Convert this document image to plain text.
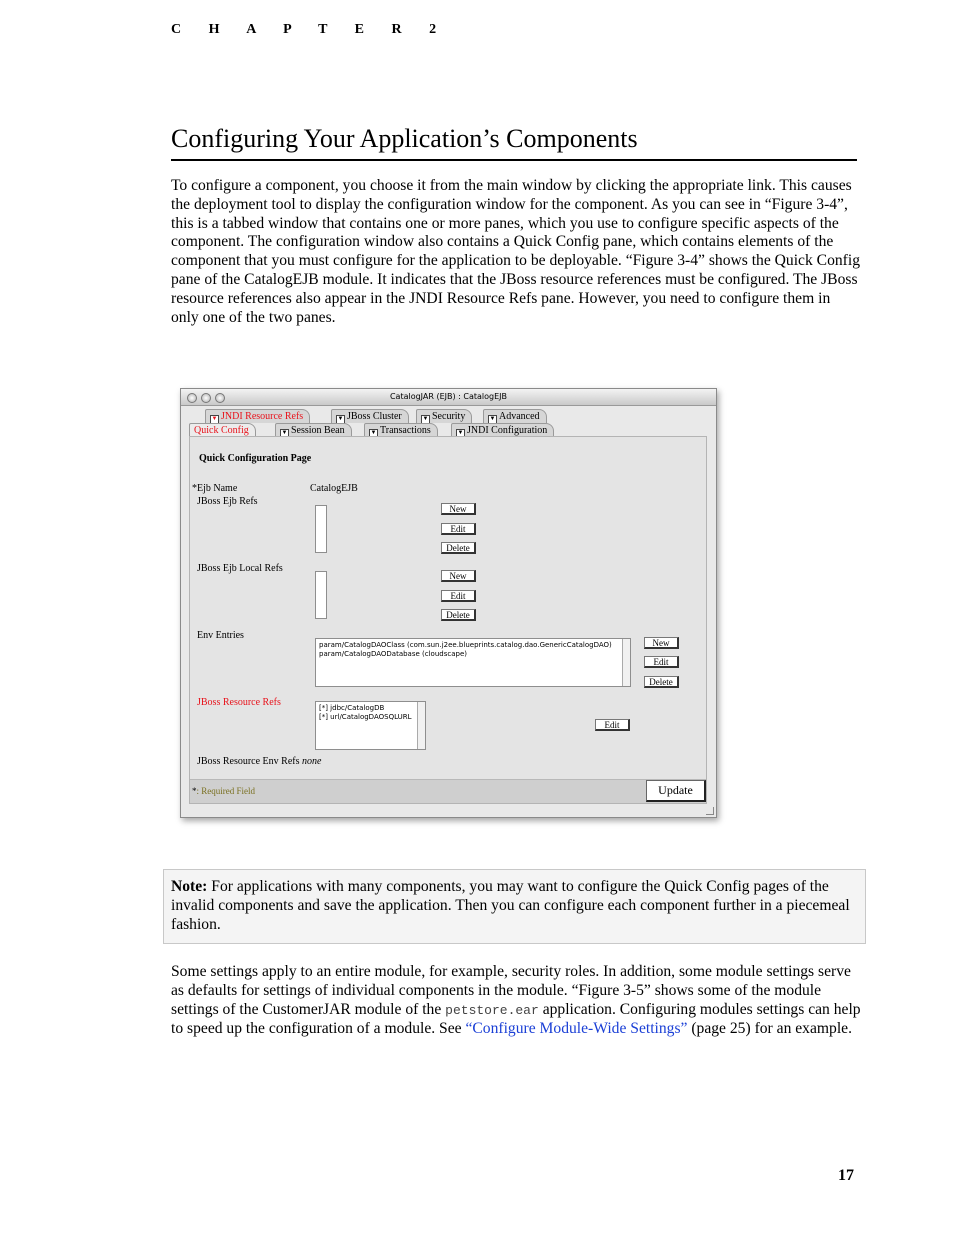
C H A P T E R 2
Configuring Your Application’s Components
To configure a component, you choose it from the main window by clicking the appropriate link. This causes the deployment tool to display the configuration window for the component. As you can see in “Figure 3-4”, this is a tabbed window that contains one or more panes, which you use to configure specific aspects of the component. The configuration window also contains a Quick Config pane, which contains elements of the component that you must configure for the application to be deployable. “Figure 3-4” shows the Quick Config pane of the CatalogEJB module. It indicates that the JBoss resource references must be configured. The JBoss resource references also appear in the JNDI Resource Refs pane. However, you need to configure them in only one of the two panes.
CatalogJAR (EJB) : CatalogEJB
▼ JNDI Resource Refs	▼ JBoss Cluster	▼ Security	▼ Advanced
Quick Config	▼ Session Bean	▼ Transactions	▼ JNDI Configuration
Quick Configuration Page
*Ejb Name	CatalogEJB
JBoss Ejb Refs
New
Edit
Delete
JBoss Ejb Local Refs
New
Edit
Delete
Env Entries
param/CatalogDAOClass (com.sun.j2ee.blueprints.catalog.dao.GenericCatalogDAO)
param/CatalogDAODatabase (cloudscape)
New
Edit
Delete
JBoss Resource Refs	[*] jdbc/CatalogDB
[*] url/CatalogDAOSQLURL
Edit
JBoss Resource Env Refs none
*: Required Field	Update
Note: For applications with many components, you may want to configure the Quick Config pages of the invalid components and save the application. Then you can configure each component further in a piecemeal fashion.
Some settings apply to an entire module, for example, security roles. In addition, some module settings serve as defaults for settings of individual components in the module. “Figure 3-5” shows some of the module settings of the CustomerJAR module of the petstore.ear application. Configuring modules settings can help to speed up the configuration of a module. See “Configure Module-Wide Settings” (page 25) for an example.
17
